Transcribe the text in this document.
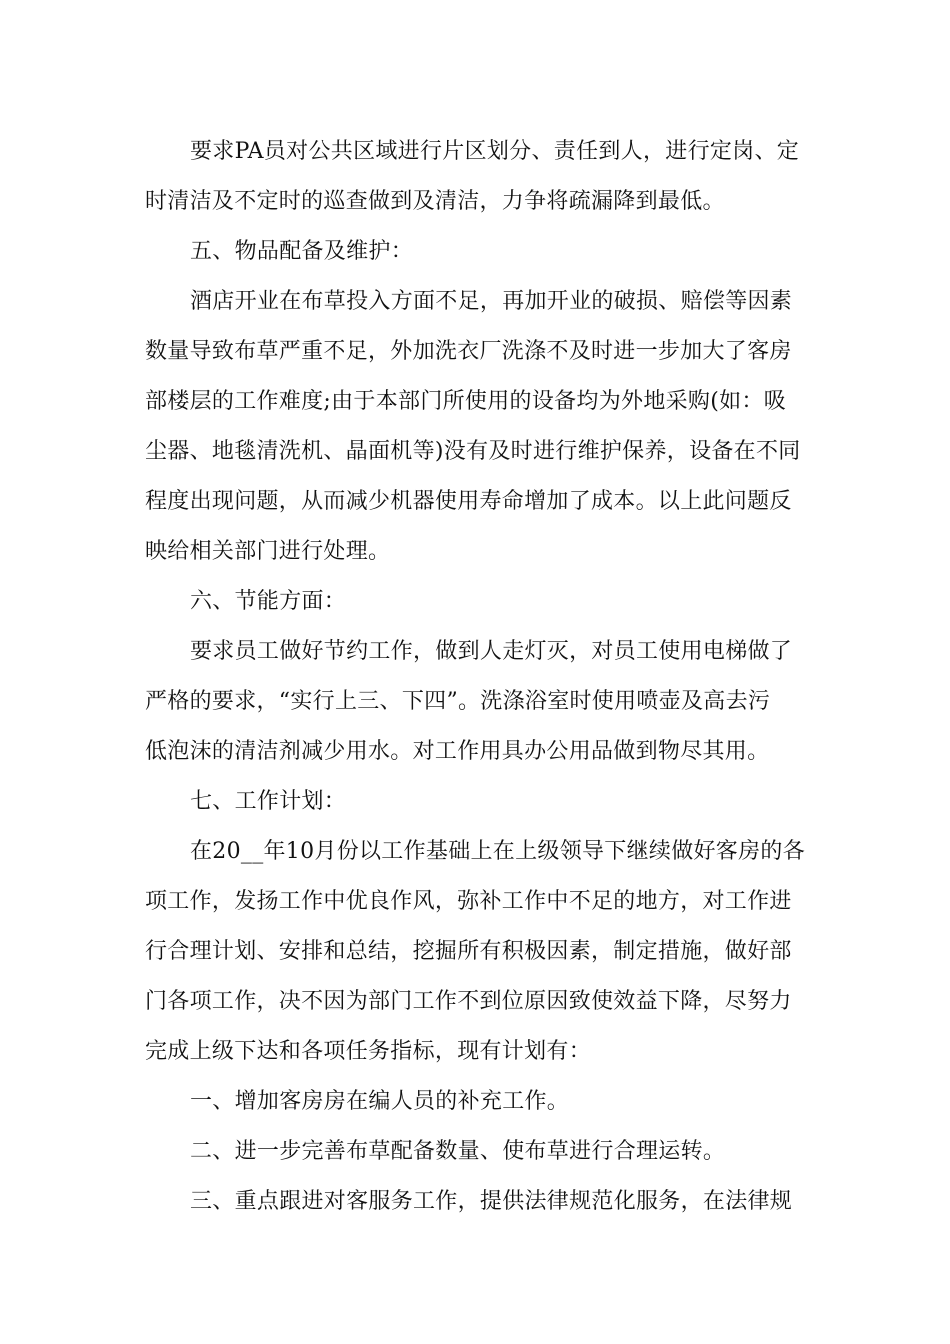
要求PA员对公共区域进行片区划分、责任到人，进行定岗、定
时清洁及不定时的巡查做到及清洁，力争将疏漏降到最低。
五、物品配备及维护：
酒店开业在布草投入方面不足，再加开业的破损、赔偿等因素
数量导致布草严重不足，外加洗衣厂洗涤不及时进一步加大了客房
部楼层的工作难度;由于本部门所使用的设备均为外地采购(如：吸
尘器、地毯清洗机、晶面机等)没有及时进行维护保养，设备在不同
程度出现问题，从而减少机器使用寿命增加了成本。以上此问题反
映给相关部门进行处理。
六、节能方面：
要求员工做好节约工作，做到人走灯灭，对员工使用电梯做了
严格的要求，“实行上三、下四”。洗涤浴室时使用喷壶及高去污
低泡沫的清洁剂减少用水。对工作用具办公用品做到物尽其用。
七、工作计划：
在20__年10月份以工作基础上在上级领导下继续做好客房的各
项工作，发扬工作中优良作风，弥补工作中不足的地方，对工作进
行合理计划、安排和总结，挖掘所有积极因素，制定措施，做好部
门各项工作，决不因为部门工作不到位原因致使效益下降，尽努力
完成上级下达和各项任务指标，现有计划有：
一、增加客房房在编人员的补充工作。
二、进一步完善布草配备数量、使布草进行合理运转。
三、重点跟进对客服务工作，提供法律规范化服务，在法律规
